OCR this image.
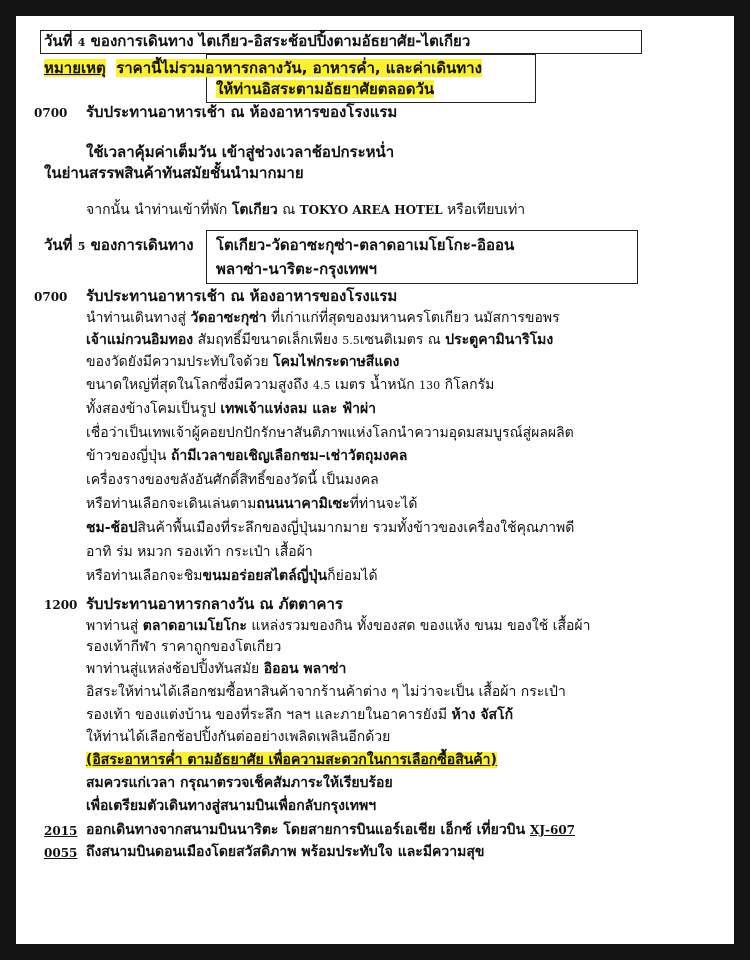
วันที่ 4 ของการเดินทาง ไตเกียว-อิสระช้อปปิ้งตามอัธยาศัย-ไตเกียว
หมายเหตุ ราคานี้ไม่รวมอาหารกลางวัน, อาหารค่ำ, และค่าเดินทาง
ให้ท่านอิสระตามอัธยาศัยตลอดวัน
0700 รับประทานอาหารเช้า ณ ห้องอาหารของโรงแรม
ใช้เวลาคุ้มค่าเต็มวัน เข้าสู่ช่วงเวลาช้อปกระหน่ำ
ในย่านสรรพสินค้าทันสมัยชั้นนำมากมาย
จากนั้น นำท่านเข้าที่พัก โตเกียว ณ TOKYO AREA HOTEL หรือเทียบเท่า
วันที่ 5 ของการเดินทาง โตเกียว-วัดอาซะกุซ่า-ตลาดอาเมโยโกะ-อิออน
พลาซ่า-นาริตะ-กรุงเทพฯ
0700 รับประทานอาหารเช้า ณ ห้องอาหารของโรงแรม
นำท่านเดินทางสู่ วัดอาซะกุซ่า ที่เก่าแก่ที่สุดของมหานครโตเกียว นมัสการขอพร
เจ้าแม่กวนอิมทอง สัมฤทธิ์มีขนาดเล็กเพียง 5.5เซนติเมตร ณ ประตูคามินาริโมง
ของวัดยังมีความประทับใจด้วย โคมไฟกระดาษสีแดง
ขนาดใหญ่ที่สุดในโลกซึ่งมีความสูงถึง 4.5 เมตร น้ำหนัก 130 กิโลกรัม
ทั้งสองข้างโคมเป็นรูป เทพเจ้าแห่งลม และ ฟ้าผ่า
เชื่อว่าเป็นเทพเจ้าผู้คอยปกปักรักษาสันติภาพแห่งโลกนำความอุดมสมบูรณ์สู่ผลผลิต
ข้าวของญี่ปุ่น ถ้ามีเวลาขอเชิญเลือกชม–เช่าวัตถุมงคล
เครื่องรางของขลังอันศักดิ์สิทธิ์ของวัดนี้ เป็นมงคล
หรือท่านเลือกจะเดินเล่นตามถนนนาคามิเซะที่ท่านจะได้
ชม-ช้อปสินค้าพื้นเมืองที่ระลึกของญี่ปุ่นมากมาย รวมทั้งข้าวของเครื่องใช้คุณภาพดี
อาทิ ร่ม หมวก รองเท้า กระเป๋า เสื้อผ้า
หรือท่านเลือกจะชิมขนมอร่อยสไตล์ญี่ปุ่นก็ย่อมได้
1200 รับประทานอาหารกลางวัน ณ ภัตตาคาร
พาท่านสู่ ตลาดอาเมโยโกะ แหล่งรวมของกิน ทั้งของสด ของแห้ง ขนม ของใช้ เสื้อผ้า
รองเท้ากีฬา ราคาถูกของโตเกียว
พาท่านสู่แหล่งช้อปปิ้งทันสมัย อิออน พลาซ่า
อิสระให้ท่านได้เลือกชมซื้อหาสินค้าจากร้านค้าต่าง ๆ ไม่ว่าจะเป็น เสื้อผ้า กระเป๋า
รองเท้า ของแต่งบ้าน ของที่ระลึก ฯลฯ และภายในอาคารยังมี ห้าง จัสโก้
ให้ท่านได้เลือกช้อปปิ้งกันต่ออย่างเพลิดเพลินอีกด้วย
(อิสระอาหารค่ำ ตามอัธยาศัย เพื่อความสะดวกในการเลือกซื้อสินค้า)
สมควรแก่เวลา กรุณาตรวจเช็คสัมภาระให้เรียบร้อย
เพื่อเตรียมตัวเดินทางสู่สนามบินเพื่อกลับกรุงเทพฯ
2015 ออกเดินทางจากสนามบินนาริตะ โดยสายการบินแอร์เอเชีย เอ็กซ์ เที่ยวบิน XJ-607
0055 ถึงสนามบินดอนเมืองโดยสวัสดิภาพ พร้อมประทับใจ และมีความสุข
